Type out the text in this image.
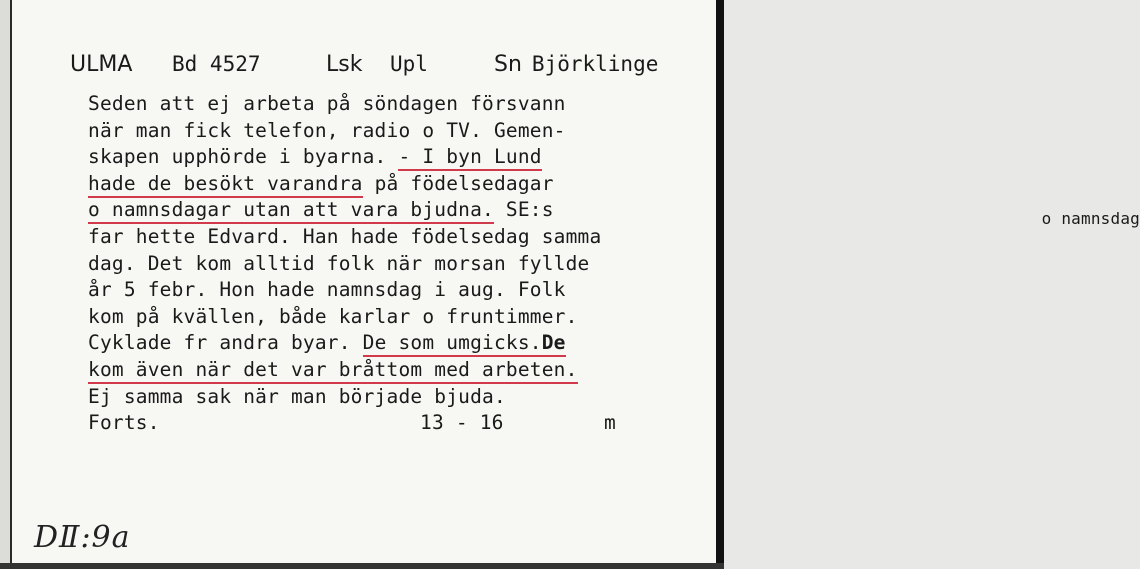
ULMA Bd 4527	Lsk Upl	Sn Björklinge
Seden att ej arbeta på söndagen försvann
när man fick telefon, radio o TV. Gemen-
skapen upphörde i byarna. - I byn Lund
hade de besökt varandra på födelsedagar
o namnsdagar utan att vara bjudna. SE:s	$_{o namnsdag}$
far hette Edvard. Han hade födelsedag samma
dag. Det kom alltid folk när morsan fyllde
år 5 febr. Hon hade namnsdag i aug. Folk
kom på kvällen, både karlar o fruntimmer.
Cyklade fr andra byar. De som umgicks.De
kom även när det var bråttom med arbeten.
Ej samma sak när man började bjuda.
Forts.	13 - 16	m
DⅡ:9a
